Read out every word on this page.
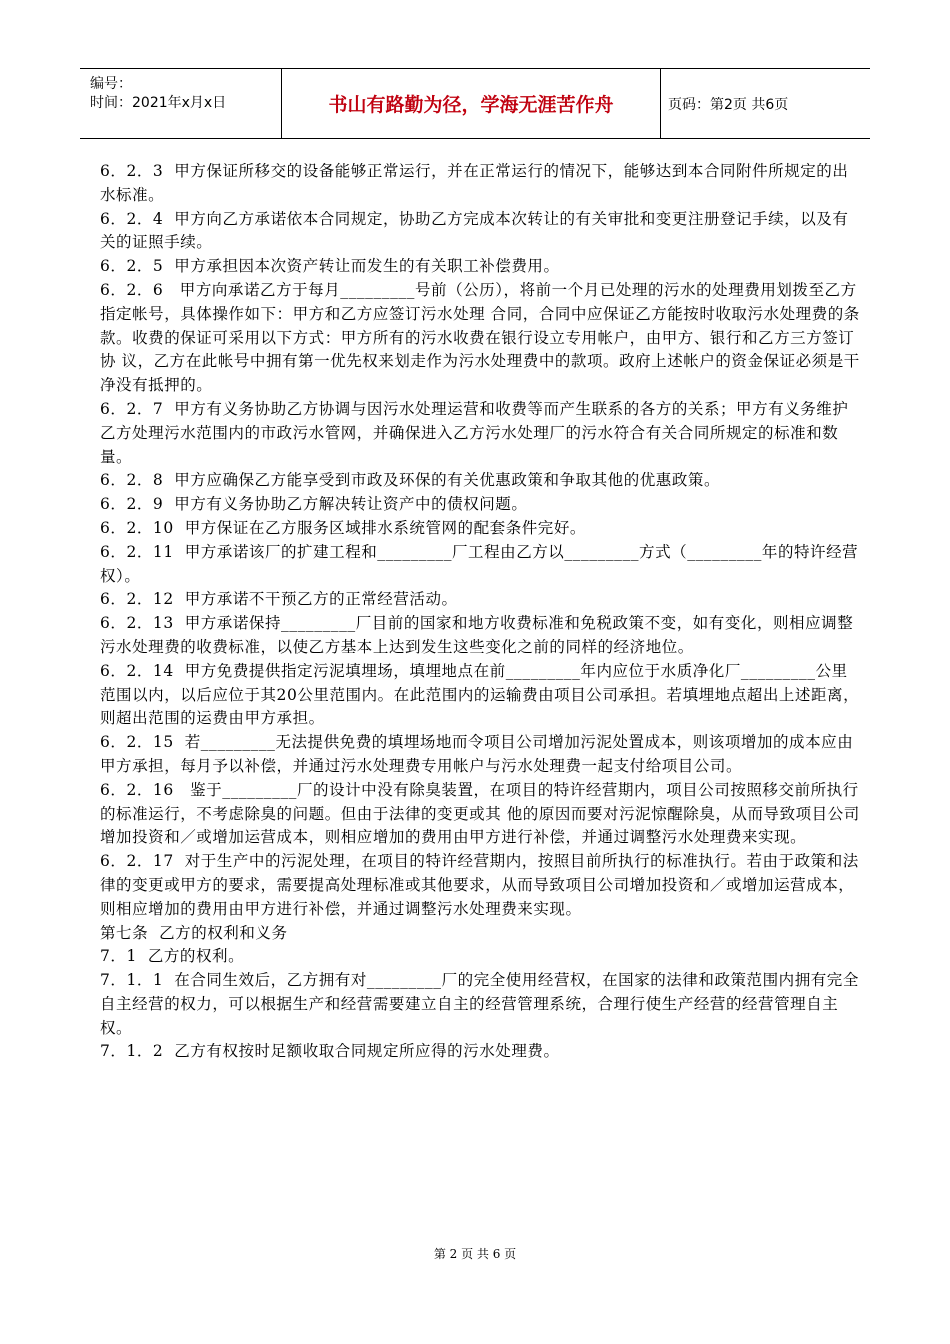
编号：
时间：2021年x月x日	书山有路勤为径，学海无涯苦作舟	页码：第2页 共6页

6．2．3  甲方保证所移交的设备能够正常运行，并在正常运行的情况下，能够达到本合同附件所规定的出水标准。

6．2．4  甲方向乙方承诺依本合同规定，协助乙方完成本次转让的有关审批和变更注册登记手续，以及有关的证照手续。

6．2．5  甲方承担因本次资产转让而发生的有关职工补偿费用。

6．2．6   甲方向承诺乙方于每月_________号前（公历），将前一个月已处理的污水的处理费用划拨至乙方指定帐号，具体操作如下：甲方和乙方应签订污水处理 合同，合同中应保证乙方能按时收取污水处理费的条款。收费的保证可采用以下方式：甲方所有的污水收费在银行设立专用帐户，由甲方、银行和乙方三方签订协 议，乙方在此帐号中拥有第一优先权来划走作为污水处理费中的款项。政府上述帐户的资金保证必须是干净没有抵押的。

6．2．7  甲方有义务协助乙方协调与因污水处理运营和收费等而产生联系的各方的关系；甲方有义务维护乙方处理污水范围内的市政污水管网，并确保进入乙方污水处理厂的污水符合有关合同所规定的标准和数量。

6．2．8  甲方应确保乙方能享受到市政及环保的有关优惠政策和争取其他的优惠政策。

6．2．9  甲方有义务协助乙方解决转让资产中的债权问题。

6．2．10  甲方保证在乙方服务区域排水系统管网的配套条件完好。

6．2．11  甲方承诺该厂的扩建工程和_________厂工程由乙方以_________方式（_________年的特许经营权）。

6．2．12  甲方承诺不干预乙方的正常经营活动。

6．2．13  甲方承诺保持_________厂目前的国家和地方收费标准和免税政策不变，如有变化，则相应调整污水处理费的收费标准，以使乙方基本上达到发生这些变化之前的同样的经济地位。

6．2．14  甲方免费提供指定污泥填埋场，填埋地点在前_________年内应位于水质净化厂_________公里范围以内，以后应位于其20公里范围内。在此范围内的运输费由项目公司承担。若填埋地点超出上述距离，则超出范围的运费由甲方承担。

6．2．15  若_________无法提供免费的填埋场地而令项目公司增加污泥处置成本，则该项增加的成本应由甲方承担，每月予以补偿，并通过污水处理费专用帐户与污水处理费一起支付给项目公司。

6．2．16   鉴于_________厂的设计中没有除臭装置，在项目的特许经营期内，项目公司按照移交前所执行的标准运行，不考虑除臭的问题。但由于法律的变更或其 他的原因而要对污泥惊醒除臭，从而导致项目公司增加投资和／或增加运营成本，则相应增加的费用由甲方进行补偿，并通过调整污水处理费来实现。

6．2．17  对于生产中的污泥处理，在项目的特许经营期内，按照目前所执行的标准执行。若由于政策和法律的变更或甲方的要求，需要提高处理标准或其他要求，从而导致项目公司增加投资和／或增加运营成本，则相应增加的费用由甲方进行补偿，并通过调整污水处理费来实现。

第七条  乙方的权利和义务

7．1  乙方的权利。

7．1．1  在合同生效后，乙方拥有对_________厂的完全使用经营权，在国家的法律和政策范围内拥有完全自主经营的权力，可以根据生产和经营需要建立自主的经营管理系统，合理行使生产经营的经营管理自主权。

7．1．2  乙方有权按时足额收取合同规定所应得的污水处理费。

第 2 页 共 6 页
